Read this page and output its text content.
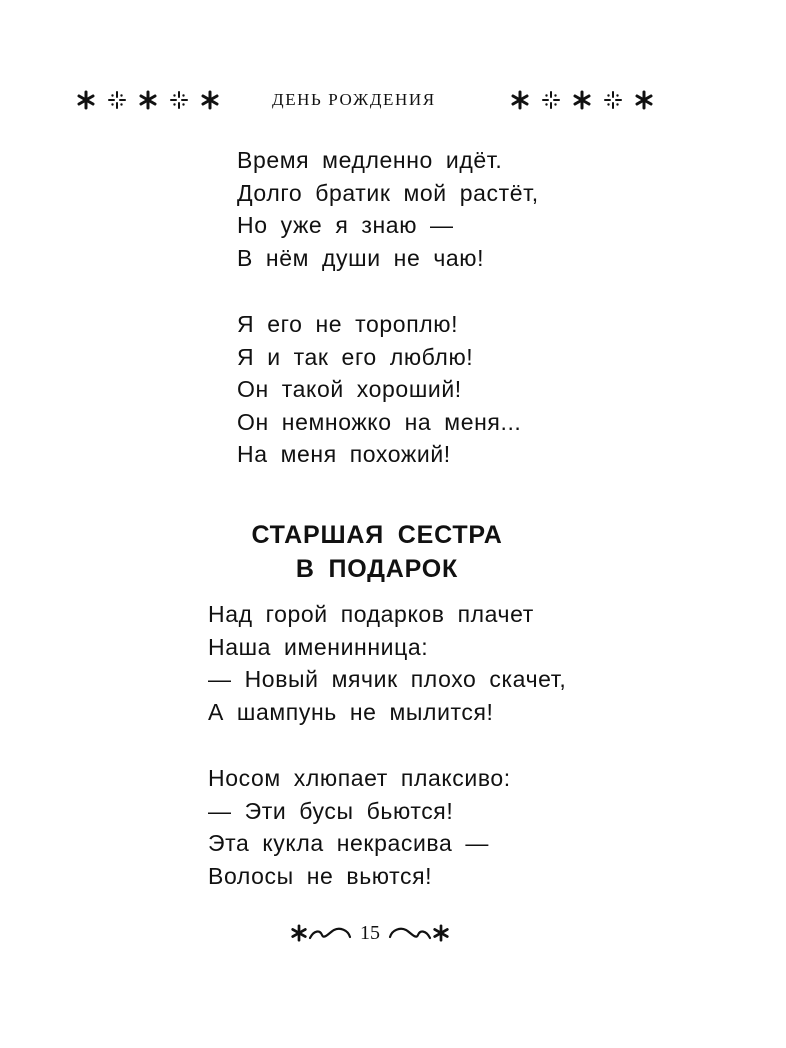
ДЕНЬ РОЖДЕНИЯ
Время медленно идёт.
Долго братик мой растёт,
Но уже я знаю —
В нём души не чаю!
Я его не тороплю!
Я и так его люблю!
Он такой хороший!
Он немножко на меня...
На меня похожий!
СТАРШАЯ СЕСТРА
В ПОДАРОК
Над горой подарков плачет
Наша именинница:
— Новый мячик плохо скачет,
А шампунь не мылится!
Носом хлюпает плаксиво:
— Эти бусы бьются!
Эта кукла некрасива —
Волосы не вьются!
15
